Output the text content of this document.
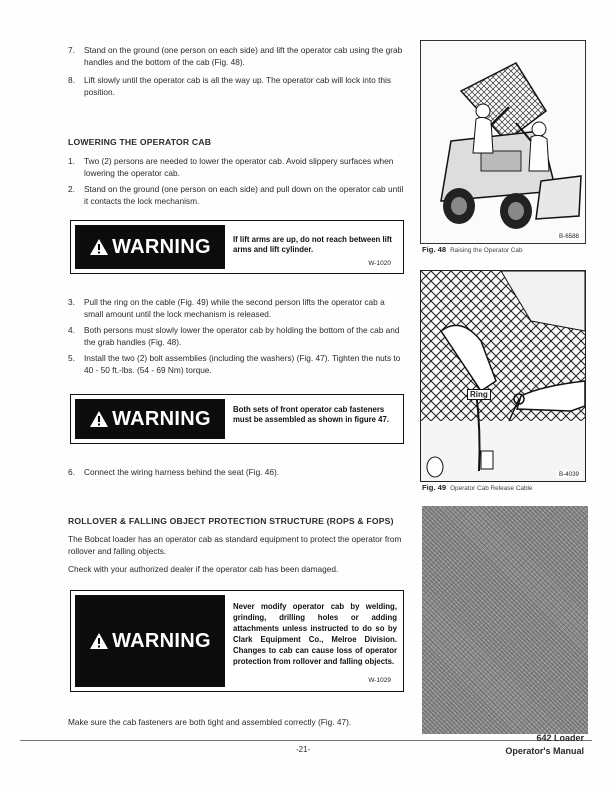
7. Stand on the ground (one person on each side) and lift the operator cab using the grab handles and the bottom of the cab (Fig. 48).
8. Lift slowly until the operator cab is all the way up. The operator cab will lock into this position.
LOWERING THE OPERATOR CAB
1. Two (2) persons are needed to lower the operator cab. Avoid slippery surfaces when lowering the operator cab.
2. Stand on the ground (one person on each side) and pull down on the operator cab until it contacts the lock mechanism.
WARNING	If lift arms are up, do not reach between lift arms and lift cylinder.
W-1020
3. Pull the ring on the cable (Fig. 49) while the second person lifts the operator cab a small amount until the lock mechanism is released.
4. Both persons must slowly lower the operator cab by holding the bottom of the cab and the grab handles (Fig. 48).
5. Install the two (2) bolt assemblies (including the washers) (Fig. 47). Tighten the nuts to 40 - 50 ft.-lbs. (54 - 69 Nm) torque.
WARNING	Both sets of front operator cab fasteners must be assembled as shown in figure 47.
6. Connect the wiring harness behind the seat (Fig. 46).
ROLLOVER & FALLING OBJECT PROTECTION STRUCTURE (ROPS & FOPS)
The Bobcat loader has an operator cab as standard equipment to protect the operator from rollover and falling objects.
Check with your authorized dealer if the operator cab has been damaged.
WARNING
Never modify operator cab by welding, grinding, drilling holes or adding attachments unless instructed to do so by Clark Equipment Co., Melroe Division. Changes to cab can cause loss of operator protection from rollover and falling objects.
W-1029
Make sure the cab fasteners are both tight and assembled correctly (Fig. 47).
B-6588
Fig. 48 Raising the Operator Cab
Ring
B-4039
Fig. 49 Operator Cab Release Cable
-21-
642 Loader
Operator's Manual
